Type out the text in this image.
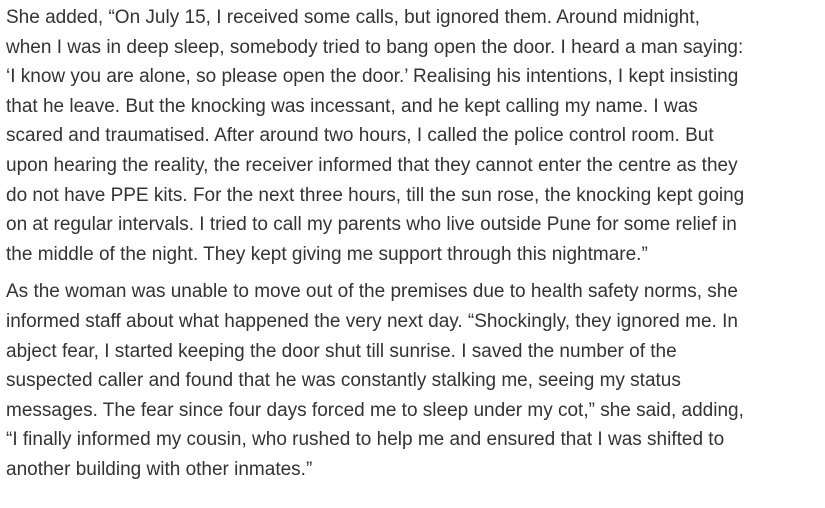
She added, “On July 15, I received some calls, but ignored them. Around midnight,
when I was in deep sleep, somebody tried to bang open the door. I heard a man saying:
‘I know you are alone, so please open the door.’ Realising his intentions, I kept insisting
that he leave. But the knocking was incessant, and he kept calling my name. I was
scared and traumatised. After around two hours, I called the police control room. But
upon hearing the reality, the receiver informed that they cannot enter the centre as they
do not have PPE kits. For the next three hours, till the sun rose, the knocking kept going
on at regular intervals. I tried to call my parents who live outside Pune for some relief in
the middle of the night. They kept giving me support through this nightmare.”

As the woman was unable to move out of the premises due to health safety norms, she
informed staff about what happened the very next day. “Shockingly, they ignored me. In
abject fear, I started keeping the door shut till sunrise. I saved the number of the
suspected caller and found that he was constantly stalking me, seeing my status
messages. The fear since four days forced me to sleep under my cot,” she said, adding,
“I finally informed my cousin, who rushed to help me and ensured that I was shifted to
another building with other inmates.”
